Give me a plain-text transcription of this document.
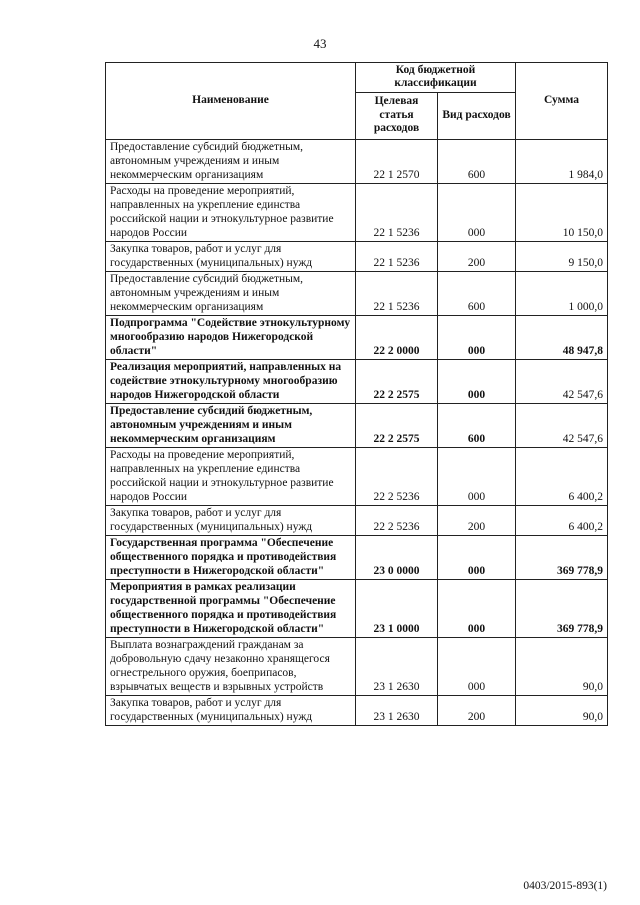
43
Наименование	Код бюджетной классификации		Сумма
	Целевая статья расходов	Вид расходов	
Предоставление субсидий бюджетным, автономным учреждениям и иным некоммерческим организациям	22 1 2570	600	1 984,0
Расходы на проведение мероприятий, направленных на укрепление единства российской нации и этнокультурное развитие народов России	22 1 5236	000	10 150,0
Закупка товаров, работ и услуг для государственных (муниципальных) нужд	22 1 5236	200	9 150,0
Предоставление субсидий бюджетным, автономным учреждениям и иным некоммерческим организациям	22 1 5236	600	1 000,0
Подпрограмма "Содействие этнокультурному многообразию народов Нижегородской области"	22 2 0000	000	48 947,8
Реализация мероприятий, направленных на содействие этнокультурному многообразию народов Нижегородской области	22 2 2575	000	42 547,6
Предоставление субсидий бюджетным, автономным учреждениям и иным некоммерческим организациям	22 2 2575	600	42 547,6
Расходы на проведение мероприятий, направленных на укрепление единства российской нации и этнокультурное развитие народов России	22 2 5236	000	6 400,2
Закупка товаров, работ и услуг для государственных (муниципальных) нужд	22 2 5236	200	6 400,2
Государственная программа "Обеспечение общественного порядка и противодействия преступности в Нижегородской области"	23 0 0000	000	369 778,9
Мероприятия в рамках реализации государственной программы "Обеспечение общественного порядка и противодействия преступности в Нижегородской области"	23 1 0000	000	369 778,9
Выплата вознаграждений гражданам за добровольную сдачу незаконно хранящегося огнестрельного оружия, боеприпасов, взрывчатых веществ и взрывных устройств	23 1 2630	000	90,0
Закупка товаров, работ и услуг для государственных (муниципальных) нужд	23 1 2630	200	90,0
0403/2015-893(1)
